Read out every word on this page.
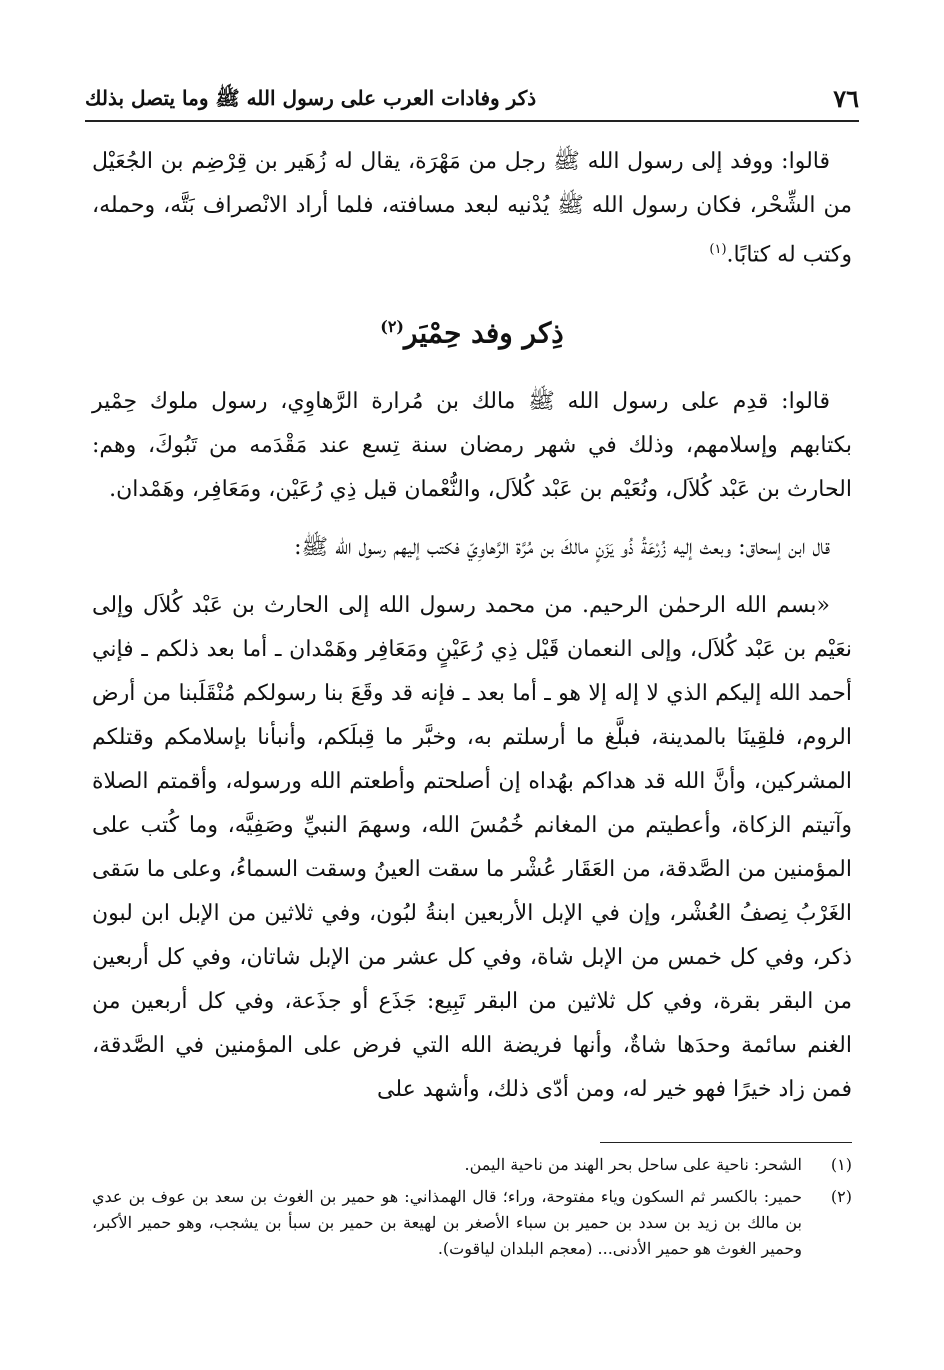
٧٦
ذكر وفادات العرب على رسول الله ﷺ وما يتصل بذلك

قالوا: ووفد إلى رسول الله ﷺ رجل من مَهْرَة، يقال له زُهَير بن قِرْضِم بن الجُعَيْل من الشِّحْر، فكان رسول الله ﷺ يُدْنيه لبعد مسافته، فلما أراد الانْصراف بَتَّه، وحمله، وكتب له كتابًا.$^{(١)}$

ذِكر وفد حِمْيَر$^{(٢)}$

قالوا: قدِم على رسول الله ﷺ مالك بن مُرارة الرَّهاوِي، رسول ملوك حِمْير بكتابهم وإسلامهم، وذلك في شهر رمضان سنة تِسع عند مَقْدَمه من تَبُوكَ، وهم: الحارث بن عَبْد كُلاَل، ونُعَيْم بن عَبْد كُلاَل، والنُّعْمان قيل ذِي رُعَيْن، ومَعَافِر، وهَمْدان.

قال ابن إسحاق: وبعث إليه زُرْعَةُ ذُو يَزَنٍ مالكَ بن مُرَّة الرَّهاوِيّ فكتب إليهم رسول الله ﷺ:

«بسم الله الرحمٰن الرحيم. من محمد رسول الله إلى الحارث بن عَبْد كُلاَل وإلى نعَيْم بن عَبْد كُلاَل، وإلى النعمان قَيْل ذِي رُعَيْنٍ ومَعَافِر وهَمْدان ـ أما بعد ذلكم ـ فإني أحمد الله إليكم الذي لا إله إلا هو ـ أما بعد ـ فإنه قد وقَعَ بنا رسولكم مُنْقَلَبنا من أرض الروم، فلقِينَا بالمدينة، فبلَّغ ما أرسلتم به، وخبَّر ما قِبلَكم، وأنبأنا بإسلامكم وقتلكم المشركين، وأنَّ الله قد هداكم بهُداه إن أصلحتم وأطعتم الله ورسوله، وأقمتم الصلاة وآتيتم الزكاة، وأعطيتم من المغانم خُمُسَ الله، وسهمَ النبيِّ وصَفِيَّه، وما كُتب على المؤمنين من الصَّدقة، من العَقَار عُشْر ما سقت العينُ وسقت السماءُ، وعلى ما سَقى الغَرْبُ نِصفُ العُشْر، وإن في الإبل الأربعين ابنةُ لبُون، وفي ثلاثين من الإبل ابن لبون ذكر، وفي كل خمس من الإبل شاة، وفي كل عشر من الإبل شاتان، وفي كل أربعين من البقر بقرة، وفي كل ثلاثين من البقر تَبِيع: جَذَع أو جذَعة، وفي كل أربعين من الغنم سائمة وحدَها شاةٌ، وأنها فريضة الله التي فرض على المؤمنين في الصَّدقة، فمن زاد خيرًا فهو خير له، ومن أدّى ذلك، وأشهد على

(١)
الشحر: ناحية على ساحل بحر الهند من ناحية اليمن.
(٢)
حمير: بالكسر ثم السكون وياء مفتوحة، وراء؛ قال الهمذاني: هو حمير بن الغوث بن سعد بن عوف بن عدي بن مالك بن زيد بن سدد بن حمير بن سباء الأصغر بن لهيعة بن حمير بن سبأ بن يشجب، وهو حمير الأكبر، وحمير الغوث هو حمير الأدنى... (معجم البلدان لياقوت).
